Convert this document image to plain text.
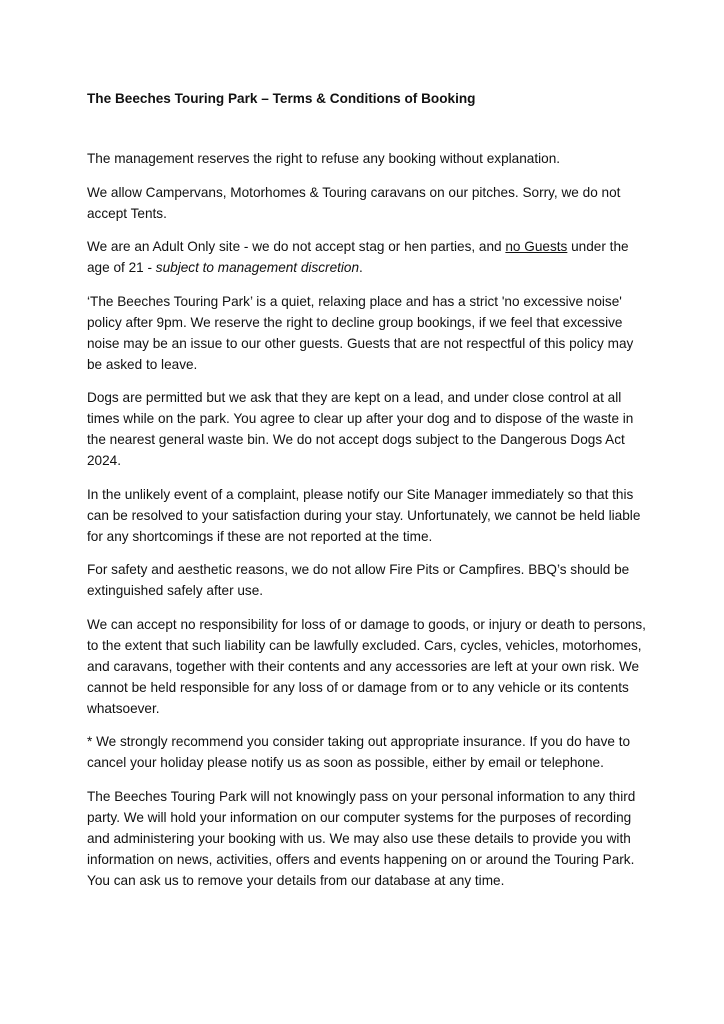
The Beeches Touring Park – Terms & Conditions of Booking

The management reserves the right to refuse any booking without explanation.

We allow Campervans, Motorhomes & Touring caravans on our pitches. Sorry, we do not accept Tents.

We are an Adult Only site - we do not accept stag or hen parties, and no Guests under the age of 21 - subject to management discretion.

‘The Beeches Touring Park’ is a quiet, relaxing place and has a strict 'no excessive noise' policy after 9pm. We reserve the right to decline group bookings, if we feel that excessive noise may be an issue to our other guests. Guests that are not respectful of this policy may be asked to leave.

Dogs are permitted but we ask that they are kept on a lead, and under close control at all times while on the park. You agree to clear up after your dog and to dispose of the waste in the nearest general waste bin. We do not accept dogs subject to the Dangerous Dogs Act 2024.

In the unlikely event of a complaint, please notify our Site Manager immediately so that this can be resolved to your satisfaction during your stay. Unfortunately, we cannot be held liable for any shortcomings if these are not reported at the time.

For safety and aesthetic reasons, we do not allow Fire Pits or Campfires. BBQ’s should be extinguished safely after use.

We can accept no responsibility for loss of or damage to goods, or injury or death to persons, to the extent that such liability can be lawfully excluded. Cars, cycles, vehicles, motorhomes, and caravans, together with their contents and any accessories are left at your own risk. We cannot be held responsible for any loss of or damage from or to any vehicle or its contents whatsoever.

* We strongly recommend you consider taking out appropriate insurance. If you do have to cancel your holiday please notify us as soon as possible, either by email or telephone.

The Beeches Touring Park will not knowingly pass on your personal information to any third party. We will hold your information on our computer systems for the purposes of recording and administering your booking with us. We may also use these details to provide you with information on news, activities, offers and events happening on or around the Touring Park. You can ask us to remove your details from our database at any time.
